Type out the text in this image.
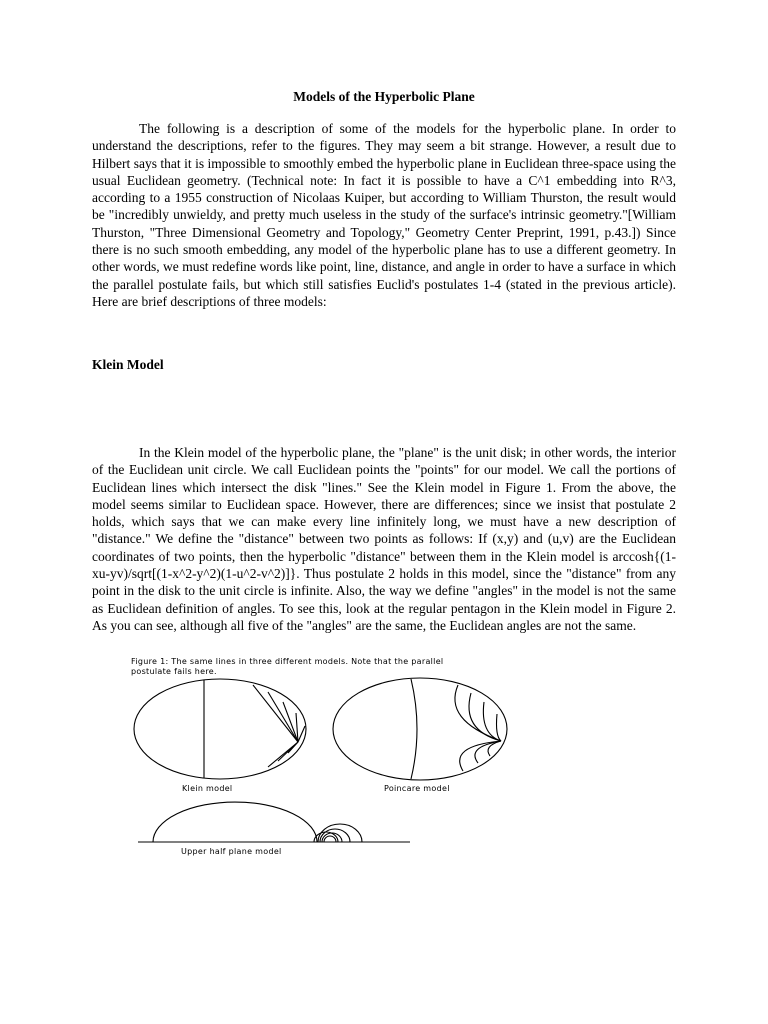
Models of the Hyperbolic Plane

The following is a description of some of the models for the hyperbolic plane. In order to understand the descriptions, refer to the figures. They may seem a bit strange. However, a result due to Hilbert says that it is impossible to smoothly embed the hyperbolic plane in Euclidean three-space using the usual Euclidean geometry. (Technical note: In fact it is possible to have a C^1 embedding into R^3, according to a 1955 construction of Nicolaas Kuiper, but according to William Thurston, the result would be "incredibly unwieldy, and pretty much useless in the study of the surface's intrinsic geometry."[William Thurston, "Three Dimensional Geometry and Topology," Geometry Center Preprint, 1991, p.43.]) Since there is no such smooth embedding, any model of the hyperbolic plane has to use a different geometry. In other words, we must redefine words like point, line, distance, and angle in order to have a surface in which the parallel postulate fails, but which still satisfies Euclid's postulates 1-4 (stated in the previous article). Here are brief descriptions of three models:

Klein Model

In the Klein model of the hyperbolic plane, the "plane" is the unit disk; in other words, the interior of the Euclidean unit circle. We call Euclidean points the "points" for our model. We call the portions of Euclidean lines which intersect the disk "lines." See the Klein model in Figure 1. From the above, the model seems similar to Euclidean space. However, there are differences; since we insist that postulate 2 holds, which says that we can make every line infinitely long, we must have a new description of "distance." We define the "distance" between two points as follows: If (x,y) and (u,v) are the Euclidean coordinates of two points, then the hyperbolic "distance" between them in the Klein model is arccosh{(1-xu-yv)/sqrt[(1-x^2-y^2)(1-u^2-v^2)]}. Thus postulate 2 holds in this model, since the "distance" from any point in the disk to the unit circle is infinite. Also, the way we define "angles" in the model is not the same as Euclidean definition of angles. To see this, look at the regular pentagon in the Klein model in Figure 2. As you can see, although all five of the "angles" are the same, the Euclidean angles are not the same.

Figure 1: The same lines in three different models. Note that the parallel
postulate fails here.
Klein model	Poincare model
Upper half plane model
